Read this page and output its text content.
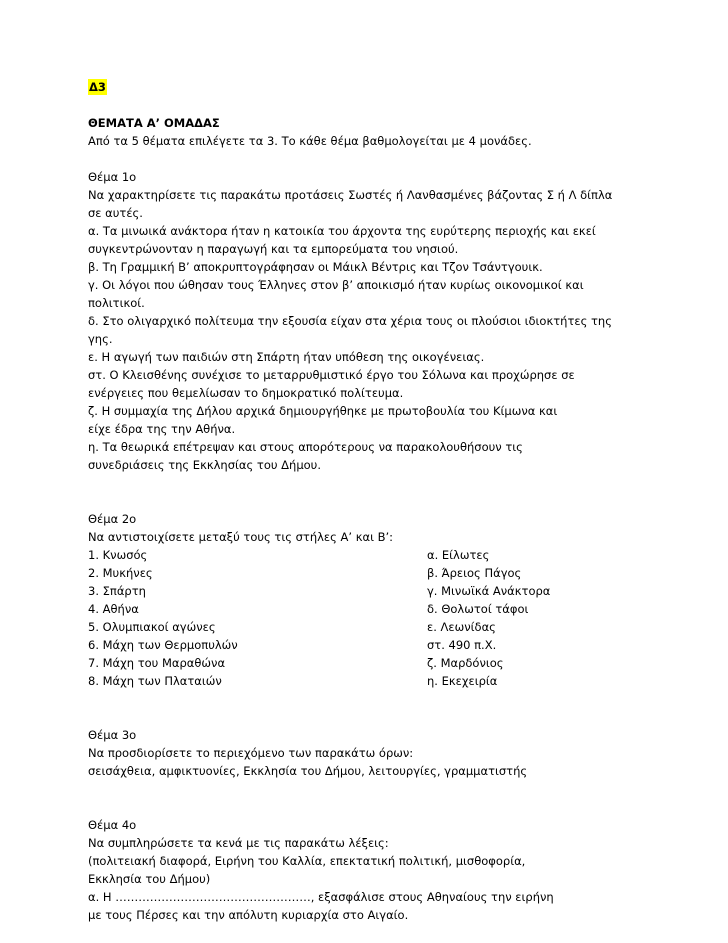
Δ3

ΘΕΜΑΤΑ Α’ ΟΜΑΔΑΣ

Από τα 5 θέματα επιλέγετε τα 3. Το κάθε θέμα βαθμολογείται με 4 μονάδες.

Θέμα 1ο

Να χαρακτηρίσετε τις παρακάτω προτάσεις Σωστές ή Λανθασμένες βάζοντας Σ ή Λ δίπλα

σε αυτές.

α. Τα μινωικά ανάκτορα ήταν η κατοικία του άρχοντα της ευρύτερης περιοχής και εκεί

συγκεντρώνονταν η παραγωγή και τα εμπορεύματα του νησιού.

β. Τη Γραμμική Β’ αποκρυπτογράφησαν οι Μάικλ Βέντρις και Τζον Τσάντγουικ.

γ. Οι λόγοι που ώθησαν τους Έλληνες στον β’ αποικισμό ήταν κυρίως οικονομικοί και

πολιτικοί.

δ. Στο ολιγαρχικό πολίτευμα την εξουσία είχαν στα χέρια τους οι πλούσιοι ιδιοκτήτες της

γης.

ε. Η αγωγή των παιδιών στη Σπάρτη ήταν υπόθεση της οικογένειας.

στ. Ο Κλεισθένης συνέχισε το μεταρρυθμιστικό έργο του Σόλωνα και προχώρησε σε

ενέργειες που θεμελίωσαν το δημοκρατικό πολίτευμα.

ζ. Η συμμαχία της Δήλου αρχικά δημιουργήθηκε με πρωτοβουλία του Κίμωνα και

είχε έδρα της την Αθήνα.

η. Τα θεωρικά επέτρεψαν και στους απορότερους να παρακολουθήσουν τις

συνεδριάσεις της Εκκλησίας του Δήμου.

Θέμα 2ο

Να αντιστοιχίσετε μεταξύ τους τις στήλες Α’ και Β’:

1. Κνωσός	α. Είλωτες
2. Μυκήνες	β. Άρειος Πάγος
3. Σπάρτη	γ. Μινωϊκά Ανάκτορα
4. Αθήνα	δ. Θολωτοί τάφοι
5. Ολυμπιακοί αγώνες	ε. Λεωνίδας
6. Μάχη των Θερμοπυλών	στ. 490 π.Χ.
7. Μάχη του Μαραθώνα	ζ. Μαρδόνιος
8. Μάχη των Πλαταιών	η. Εκεχειρία

Θέμα 3ο

Να προσδιορίσετε το περιεχόμενο των παρακάτω όρων:

σεισάχθεια, αμφικτυονίες, Εκκλησία του Δήμου, λειτουργίες, γραμματιστής

Θέμα 4ο

Να συμπληρώσετε τα κενά με τις παρακάτω λέξεις:

(πολιτειακή διαφορά, Ειρήνη του Καλλία, επεκτατική πολιτική, μισθοφορία,

Εκκλησία του Δήμου)

α. Η ……………………………………………, εξασφάλισε στους Αθηναίους την ειρήνη

με τους Πέρσες και την απόλυτη κυριαρχία στο Αιγαίο.
